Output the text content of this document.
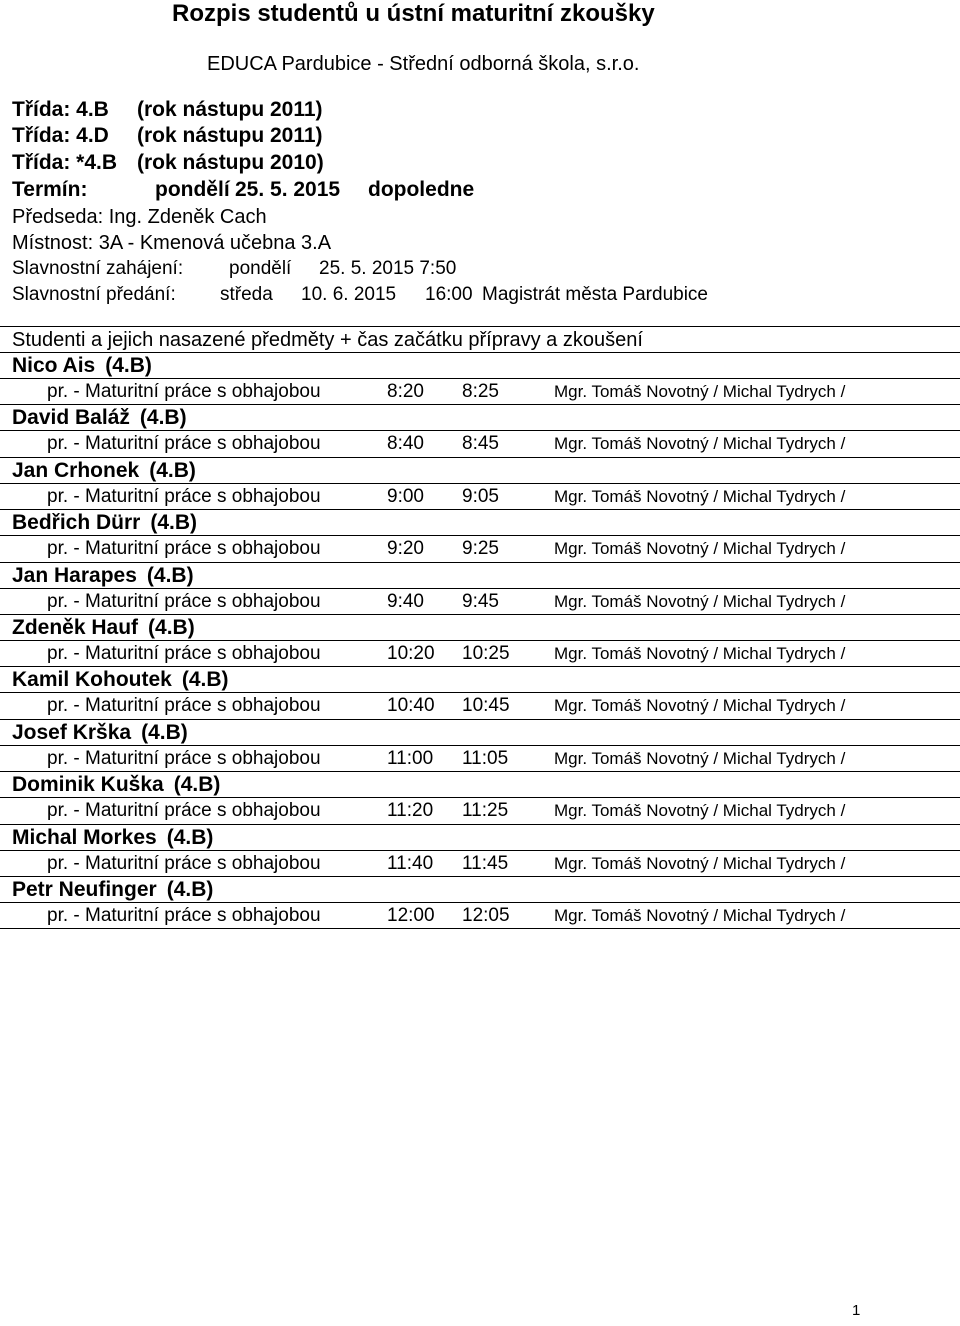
Rozpis studentů u ústní maturitní zkoušky
EDUCA Pardubice - Střední odborná škola, s.r.o.
Třída: 4.B (rok nástupu 2011)
Třída: 4.D (rok nástupu 2011)
Třída: *4.B (rok nástupu 2010)
Termín:	pondělí 25. 5. 2015 dopoledne
Předseda: Ing. Zdeněk Cach
Místnost: 3A - Kmenová učebna 3.A
Slavnostní zahájení: pondělí 25. 5. 2015 7:50
Slavnostní předání: středa 10. 6. 2015 16:00 Magistrát města Pardubice
Studenti a jejich nasazené předměty + čas začátku přípravy a zkoušení
Nico Ais (4.B)
pr. - Maturitní práce s obhajobou	8:20 8:25	Mgr. Tomáš Novotný / Michal Tydrych /
David Baláž (4.B)
pr. - Maturitní práce s obhajobou	8:40 8:45	Mgr. Tomáš Novotný / Michal Tydrych /
Jan Crhonek (4.B)
pr. - Maturitní práce s obhajobou	9:00 9:05	Mgr. Tomáš Novotný / Michal Tydrych /
Bedřich Dürr (4.B)
pr. - Maturitní práce s obhajobou	9:20 9:25	Mgr. Tomáš Novotný / Michal Tydrych /
Jan Harapes (4.B)
pr. - Maturitní práce s obhajobou	9:40 9:45	Mgr. Tomáš Novotný / Michal Tydrych /
Zdeněk Hauf (4.B)
pr. - Maturitní práce s obhajobou	10:20 10:25	Mgr. Tomáš Novotný / Michal Tydrych /
Kamil Kohoutek (4.B)
pr. - Maturitní práce s obhajobou	10:40 10:45	Mgr. Tomáš Novotný / Michal Tydrych /
Josef Krška (4.B)
pr. - Maturitní práce s obhajobou	11:00 11:05	Mgr. Tomáš Novotný / Michal Tydrych /
Dominik Kuška (4.B)
pr. - Maturitní práce s obhajobou	11:20 11:25	Mgr. Tomáš Novotný / Michal Tydrych /
Michal Morkes (4.B)
pr. - Maturitní práce s obhajobou	11:40 11:45	Mgr. Tomáš Novotný / Michal Tydrych /
Petr Neufinger (4.B)
pr. - Maturitní práce s obhajobou	12:00 12:05	Mgr. Tomáš Novotný / Michal Tydrych /
1
